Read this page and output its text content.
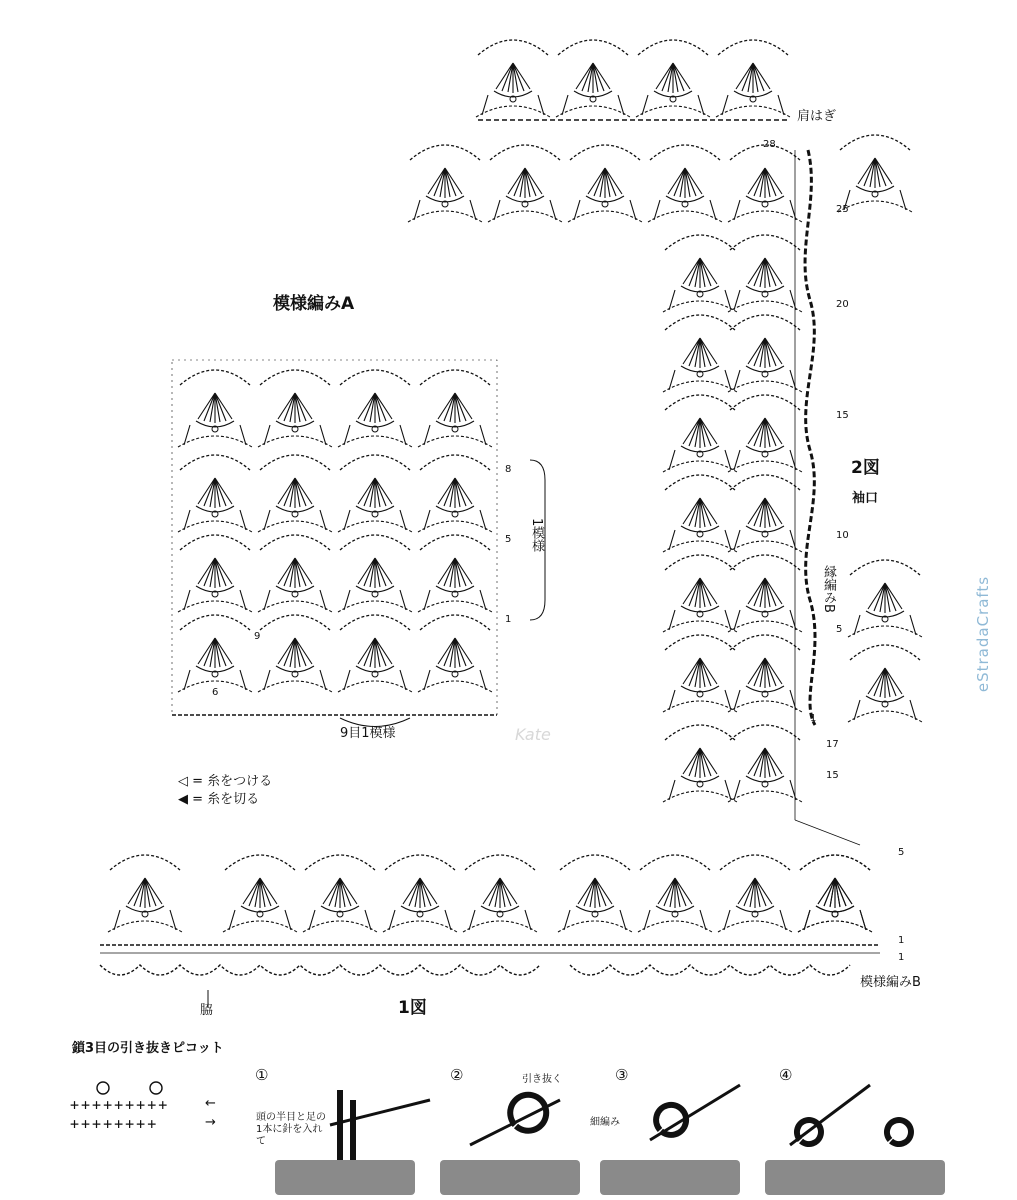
模様編みA
8
5
1
9
6
1模様
9目1模様
◁ = 糸をつける
◀ = 糸を切る
肩はぎ
28
25
20
15
10
5
1
17
15
2図
袖口
縁編みB
5
1
1
模様編みB
脇	1図
鎖3目の引き抜きピコット
+++++++++
++++++++
←
→
①	②	③	④
頭の半目と足の1本に針を入れて
引き抜く
細編み
Kate
eStradaCrafts
